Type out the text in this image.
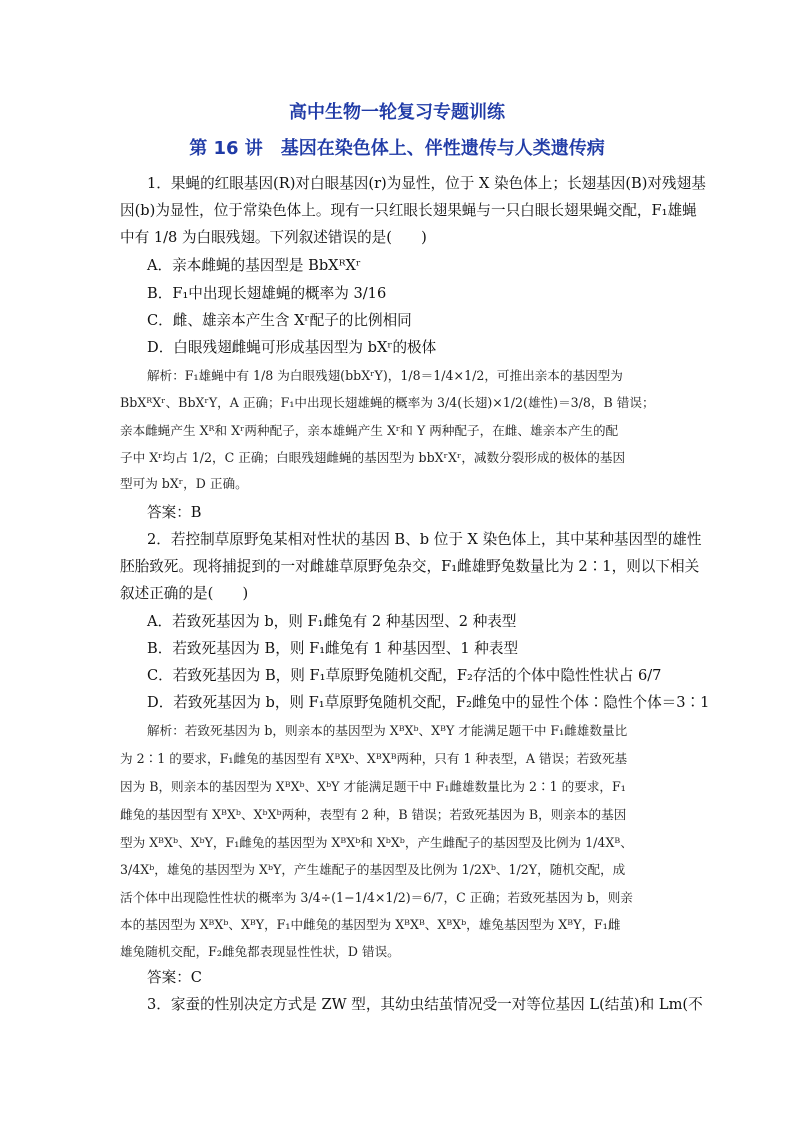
高中生物一轮复习专题训练
第 16 讲　基因在染色体上、伴性遗传与人类遗传病
1．果蝇的红眼基因(R)对白眼基因(r)为显性，位于 X 染色体上；长翅基因(B)对残翅基
因(b)为显性，位于常染色体上。现有一只红眼长翅果蝇与一只白眼长翅果蝇交配，F₁雄蝇
中有 1/8 为白眼残翅。下列叙述错误的是(　　)
A．亲本雌蝇的基因型是 BbXᴿXʳ
B．F₁中出现长翅雄蝇的概率为 3/16
C．雌、雄亲本产生含 Xʳ配子的比例相同
D．白眼残翅雌蝇可形成基因型为 bXʳ的极体
解析：F₁雄蝇中有 1/8 为白眼残翅(bbXʳY)，1/8＝1/4×1/2，可推出亲本的基因型为
BbXᴿXʳ、BbXʳY，A 正确；F₁中出现长翅雄蝇的概率为 3/4(长翅)×1/2(雄性)＝3/8，B 错误；
亲本雌蝇产生 Xᴿ和 Xʳ两种配子，亲本雄蝇产生 Xʳ和 Y 两种配子，在雌、雄亲本产生的配
子中 Xʳ均占 1/2，C 正确；白眼残翅雌蝇的基因型为 bbXʳXʳ，减数分裂形成的极体的基因
型可为 bXʳ，D 正确。
答案：B
2．若控制草原野兔某相对性状的基因 B、b 位于 X 染色体上，其中某种基因型的雄性
胚胎致死。现将捕捉到的一对雌雄草原野兔杂交，F₁雌雄野兔数量比为 2∶1，则以下相关
叙述正确的是(　　)
A．若致死基因为 b，则 F₁雌兔有 2 种基因型、2 种表型
B．若致死基因为 B，则 F₁雌兔有 1 种基因型、1 种表型
C．若致死基因为 B，则 F₁草原野兔随机交配，F₂存活的个体中隐性性状占 6/7
D．若致死基因为 b，则 F₁草原野兔随机交配，F₂雌兔中的显性个体∶隐性个体＝3∶1
解析：若致死基因为 b，则亲本的基因型为 XᴮXᵇ、XᴮY 才能满足题干中 F₁雌雄数量比
为 2∶1 的要求，F₁雌兔的基因型有 XᴮXᵇ、XᴮXᴮ两种，只有 1 种表型，A 错误；若致死基
因为 B，则亲本的基因型为 XᴮXᵇ、XᵇY 才能满足题干中 F₁雌雄数量比为 2∶1 的要求，F₁
雌兔的基因型有 XᴮXᵇ、XᵇXᵇ两种，表型有 2 种，B 错误；若致死基因为 B，则亲本的基因
型为 XᴮXᵇ、XᵇY，F₁雌兔的基因型为 XᴮXᵇ和 XᵇXᵇ，产生雌配子的基因型及比例为 1/4Xᴮ、
3/4Xᵇ，雄兔的基因型为 XᵇY，产生雄配子的基因型及比例为 1/2Xᵇ、1/2Y，随机交配，成
活个体中出现隐性性状的概率为 3/4÷(1−1/4×1/2)＝6/7，C 正确；若致死基因为 b，则亲
本的基因型为 XᴮXᵇ、XᴮY，F₁中雌兔的基因型为 XᴮXᴮ、XᴮXᵇ，雄兔基因型为 XᴮY，F₁雌
雄兔随机交配，F₂雌兔都表现显性性状，D 错误。
答案：C
3．家蚕的性别决定方式是 ZW 型，其幼虫结茧情况受一对等位基因 L(结茧)和 Lm(不
